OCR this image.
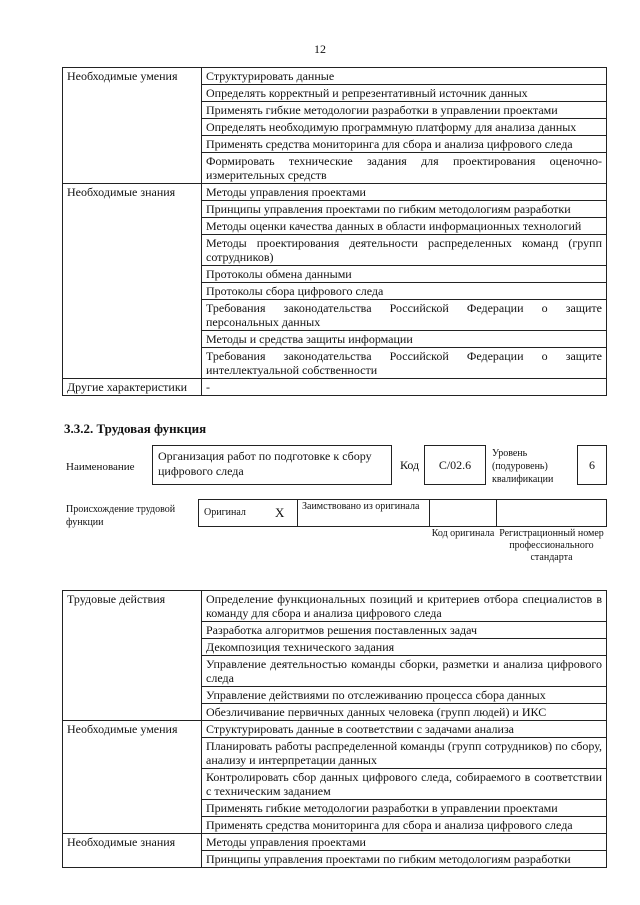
12
Необходимые умения	Структурировать данные
	Определять корректный и репрезентативный источник данных
	Применять гибкие методологии разработки в управлении проектами
	Определять необходимую программную платформу для анализа данных
	Применять средства мониторинга для сбора и анализа цифрового следа
	Формировать технические задания для проектирования оценочно-измерительных средств
Необходимые знания	Методы управления проектами
	Принципы управления проектами по гибким методологиям разработки
	Методы оценки качества данных в области информационных технологий
	Методы проектирования деятельности распределенных команд (групп сотрудников)
	Протоколы обмена данными
	Протоколы сбора цифрового следа
	Требования законодательства Российской Федерации о защите персональных данных
	Методы и средства защиты информации
	Требования законодательства Российской Федерации о защите интеллектуальной собственности
Другие характеристики	-
3.3.2. Трудовая функция
Наименование
Организация работ по подготовке к сбору цифрового следа	Код	C/02.6
Уровень (подуровень) квалификации
6
Происхождение трудовой функции
Оригинал X	Заимствовано из оригинала
Код оригинала Регистрационный номер профессионального стандарта
Трудовые действия	Определение функциональных позиций и критериев отбора специалистов в команду для сбора и анализа цифрового следа
	Разработка алгоритмов решения поставленных задач
	Декомпозиция технического задания
	Управление деятельностью команды сборки, разметки и анализа цифрового следа
	Управление действиями по отслеживанию процесса сбора данных
	Обезличивание первичных данных человека (групп людей) и ИКС
Необходимые умения	Структурировать данные в соответствии с задачами анализа
	Планировать работы распределенной команды (групп сотрудников) по сбору, анализу и интерпретации данных
	Контролировать сбор данных цифрового следа, собираемого в соответствии с техническим заданием
	Применять гибкие методологии разработки в управлении проектами
	Применять средства мониторинга для сбора и анализа цифрового следа
Необходимые знания	Методы управления проектами
	Принципы управления проектами по гибким методологиям разработки
